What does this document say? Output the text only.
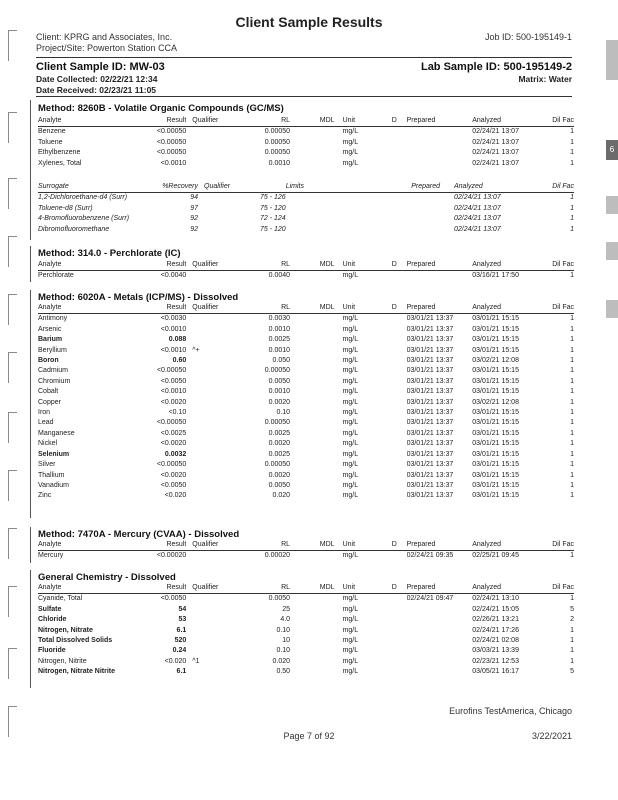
6
Client Sample Results
Client: KPRG and Associates, Inc.
Project/Site: Powerton Station CCA
Job ID: 500-195149-1
Client Sample ID: MW-03	Lab Sample ID: 500-195149-2
Date Collected: 02/22/21 12:34	Matrix: Water
Date Received: 02/23/21 11:05
Method: 8260B - Volatile Organic Compounds (GC/MS)
Analyte	Result	Qualifier	RL	MDL	Unit	D	Prepared	Analyzed	Dil Fac
Benzene	<0.00050		0.00050		mg/L			02/24/21 13:07	1
Toluene	<0.00050		0.00050		mg/L			02/24/21 13:07	1
Ethylbenzene	<0.00050		0.00050		mg/L			02/24/21 13:07	1
Xylenes, Total	<0.0010		0.0010		mg/L			02/24/21 13:07	1
Surrogate	%Recovery	Qualifier	Limits	Prepared	Analyzed	Dil Fac
1,2-Dichloroethane-d4 (Surr)	94		75 - 126		02/24/21 13:07	1
Toluene-d8 (Surr)	97		75 - 120		02/24/21 13:07	1
4-Bromofluorobenzene (Surr)	92		72 - 124		02/24/21 13:07	1
Dibromofluoromethane	92		75 - 120		02/24/21 13:07	1
Method: 314.0 - Perchlorate (IC)
Analyte	Result	Qualifier	RL	MDL	Unit	D	Prepared	Analyzed	Dil Fac
Perchlorate	<0.0040		0.0040		mg/L			03/16/21 17:50	1
Method: 6020A - Metals (ICP/MS) - Dissolved
Analyte	Result	Qualifier	RL	MDL	Unit	D	Prepared	Analyzed	Dil Fac
Antimony	<0.0030		0.0030		mg/L		03/01/21 13:37	03/01/21 15:15	1
Arsenic	<0.0010		0.0010		mg/L		03/01/21 13:37	03/01/21 15:15	1
Barium	0.088		0.0025		mg/L		03/01/21 13:37	03/01/21 15:15	1
Beryllium	<0.0010	^+	0.0010		mg/L		03/01/21 13:37	03/01/21 15:15	1
Boron	0.60		0.050		mg/L		03/01/21 13:37	03/02/21 12:08	1
Cadmium	<0.00050		0.00050		mg/L		03/01/21 13:37	03/01/21 15:15	1
Chromium	<0.0050		0.0050		mg/L		03/01/21 13:37	03/01/21 15:15	1
Cobalt	<0.0010		0.0010		mg/L		03/01/21 13:37	03/01/21 15:15	1
Copper	<0.0020		0.0020		mg/L		03/01/21 13:37	03/02/21 12:08	1
Iron	<0.10		0.10		mg/L		03/01/21 13:37	03/01/21 15:15	1
Lead	<0.00050		0.00050		mg/L		03/01/21 13:37	03/01/21 15:15	1
Manganese	<0.0025		0.0025		mg/L		03/01/21 13:37	03/01/21 15:15	1
Nickel	<0.0020		0.0020		mg/L		03/01/21 13:37	03/01/21 15:15	1
Selenium	0.0032		0.0025		mg/L		03/01/21 13:37	03/01/21 15:15	1
Silver	<0.00050		0.00050		mg/L		03/01/21 13:37	03/01/21 15:15	1
Thallium	<0.0020		0.0020		mg/L		03/01/21 13:37	03/01/21 15:15	1
Vanadium	<0.0050		0.0050		mg/L		03/01/21 13:37	03/01/21 15:15	1
Zinc	<0.020		0.020		mg/L		03/01/21 13:37	03/01/21 15:15	1
Method: 7470A - Mercury (CVAA) - Dissolved
Analyte	Result	Qualifier	RL	MDL	Unit	D	Prepared	Analyzed	Dil Fac
Mercury	<0.00020		0.00020		mg/L		02/24/21 09:35	02/25/21 09:45	1
General Chemistry - Dissolved
Analyte	Result	Qualifier	RL	MDL	Unit	D	Prepared	Analyzed	Dil Fac
Cyanide, Total	<0.0050		0.0050		mg/L		02/24/21 09:47	02/24/21 13:10	1
Sulfate	54		25		mg/L			02/24/21 15:05	5
Chloride	53		4.0		mg/L			02/26/21 13:21	2
Nitrogen, Nitrate	6.1		0.10		mg/L			02/24/21 17:26	1
Total Dissolved Solids	520		10		mg/L			02/24/21 02:08	1
Fluoride	0.24		0.10		mg/L			03/03/21 13:39	1
Nitrogen, Nitrite	<0.020	^1	0.020		mg/L			02/23/21 12:53	1
Nitrogen, Nitrate Nitrite	6.1		0.50		mg/L			03/05/21 16:17	5
Eurofins TestAmerica, Chicago
Page 7 of 92	3/22/2021
